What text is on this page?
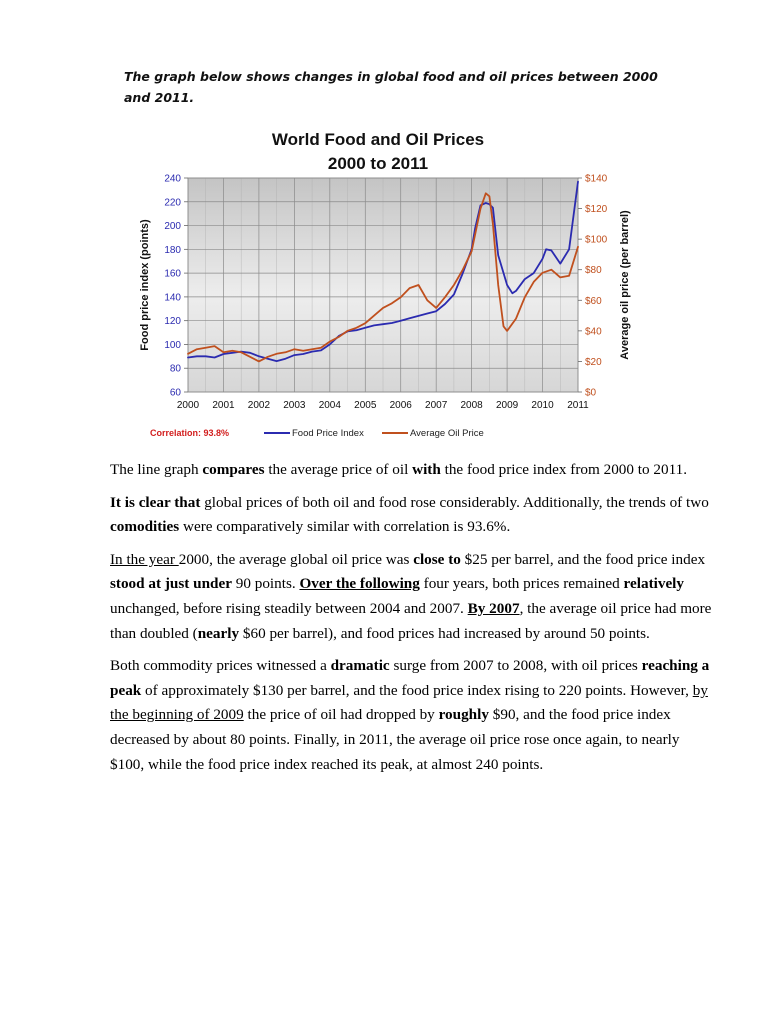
The graph below shows changes in global food and oil prices between 2000
and 2011.
World Food and Oil Prices
2000 to 2011
2000 2001 2002 2003 2004 2005 2006 2007 2008 2009 2010 2011
60
80
100
120
140
160
180
200
220
240
$0
$20
$40
$60
$80
$100
$120
$140
Food price index (points)	Average oil price (per barrel)
Correlation: 93.8%	Food Price Index	Average Oil Price

The line graph compares the average price of oil with the food price index from 2000 to 2011.

It is clear that global prices of both oil and food rose considerably. Additionally, the trends of two comodities were comparatively similar with correlation is 93.6%.

In the year 2000, the average global oil price was close to $25 per barrel, and the food price index stood at just under 90 points. Over the following four years, both prices remained relatively unchanged, before rising steadily between 2004 and 2007. By 2007, the average oil price had more than doubled (nearly $60 per barrel), and food prices had increased by around 50 points.

Both commodity prices witnessed a dramatic surge from 2007 to 2008, with oil prices reaching a peak of approximately $130 per barrel, and the food price index rising to 220 points. However, by the beginning of 2009 the price of oil had dropped by roughly $90, and the food price index decreased by about 80 points. Finally, in 2011, the average oil price rose once again, to nearly $100, while the food price index reached its peak, at almost 240 points.
